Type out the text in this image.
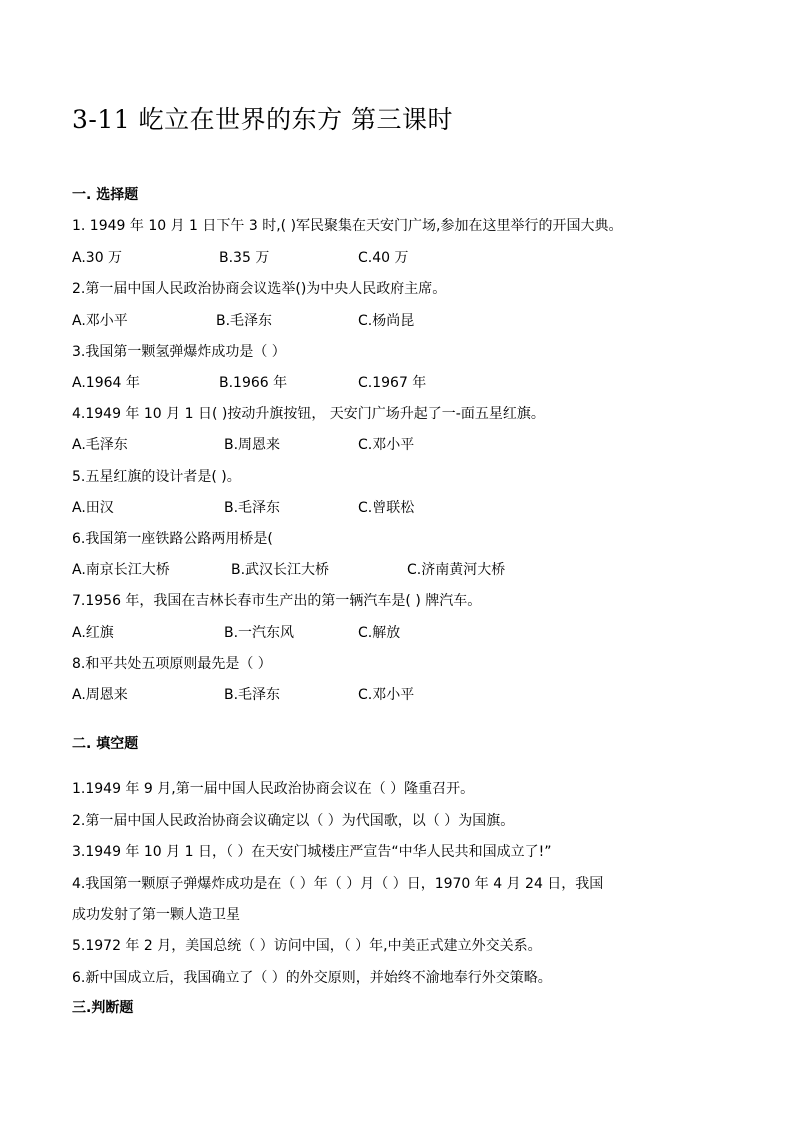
3-11 屹立在世界的东方 第三课时
一. 选择题
1. 1949 年 10 月 1 日下午 3 时,( )军民聚集在天安门广场,参加在这里举行的开国大典。
A.30 万	B.35 万	C.40 万
2.第一届中国人民政治协商会议选举()为中央人民政府主席。
A.邓小平	B.毛泽东	C.杨尚昆
3.我国第一颗氢弹爆炸成功是（ ）
A.1964 年	B.1966 年	C.1967 年
4.1949 年 10 月 1 日( )按动升旗按钮， 天安门广场升起了一-面五星红旗。
A.毛泽东	B.周恩来	C.邓小平
5.五星红旗的设计者是( )。
A.田汉	B.毛泽东	C.曾联松
6.我国第一座铁路公路两用桥是(
A.南京长江大桥	B.武汉长江大桥	C.济南黄河大桥
7.1956 年，我国在吉林长春市生产出的第一辆汽车是( ) 牌汽车。
A.红旗	B.一汽东风	C.解放
8.和平共处五项原则最先是（ ）
A.周恩来	B.毛泽东	C.邓小平
二. 填空题
1.1949 年 9 月,第一届中国人民政治协商会议在（ ）隆重召开。
2.第一届中国人民政治协商会议确定以（ ）为代国歌，以（ ）为国旗。
3.1949 年 10 月 1 日，（ ）在天安门城楼庄严宣告“中华人民共和国成立了!”
4.我国第一颗原子弹爆炸成功是在（ ）年（ ）月（ ）日，1970 年 4 月 24 日，我国
成功发射了第一颗人造卫星
5.1972 年 2 月，美国总统（ ）访问中国，（ ）年,中美正式建立外交关系。
6.新中国成立后，我国确立了（ ）的外交原则，并始终不渝地奉行外交策略。
三.判断题
